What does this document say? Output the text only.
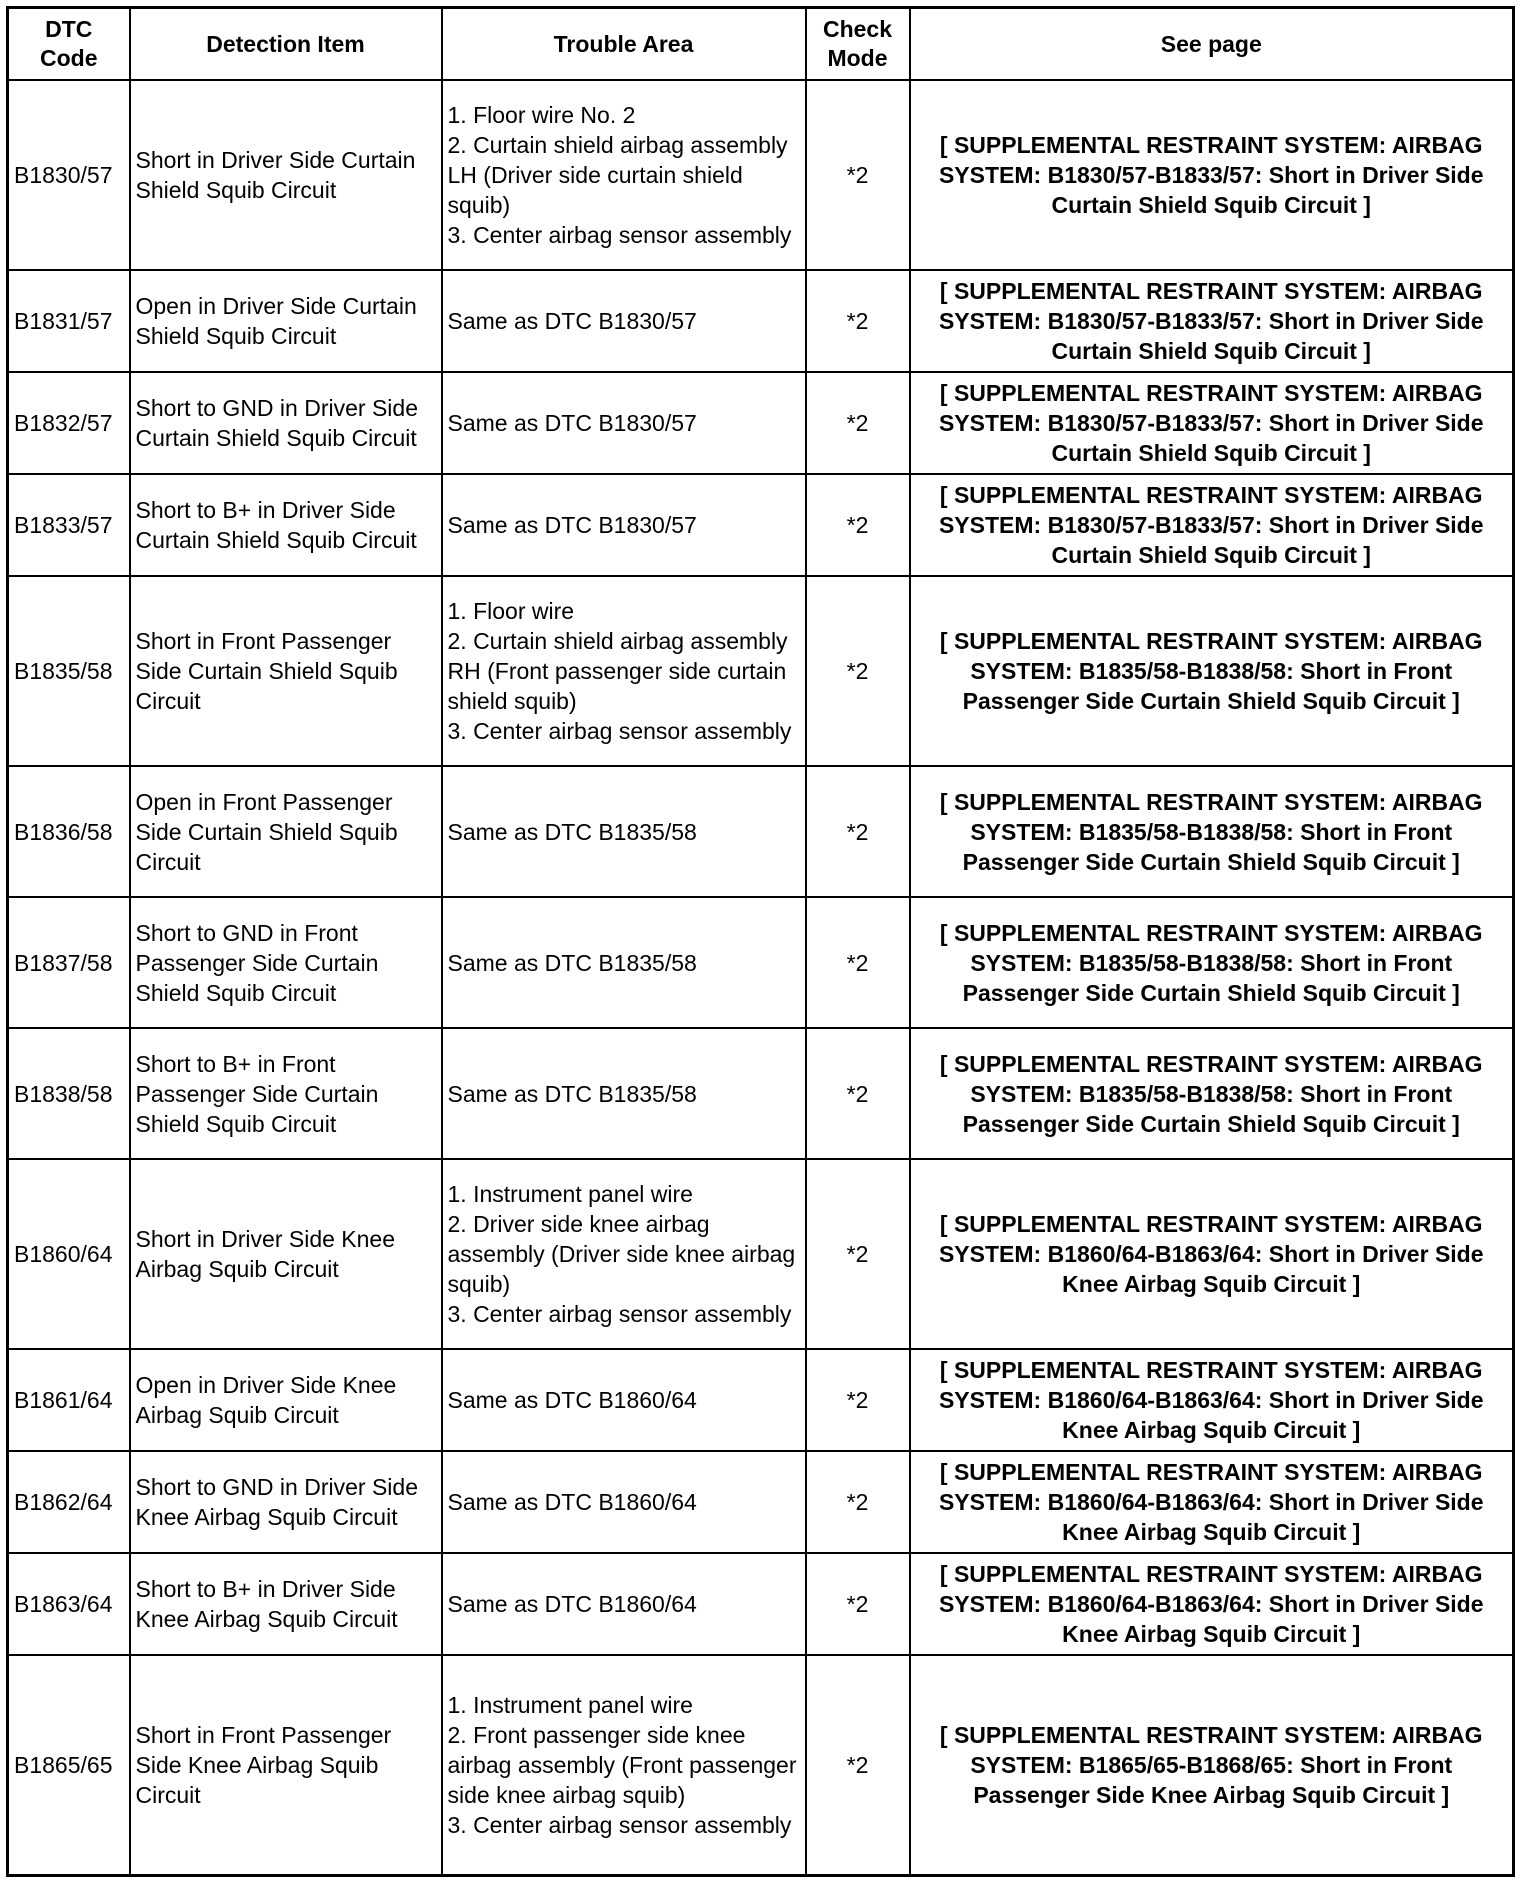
DTC Code	Detection Item	Trouble Area	Check Mode	See page
B1830/57	Short in Driver Side Curtain Shield Squib Circuit	1. Floor wire No. 2
2. Curtain shield airbag assembly LH (Driver side curtain shield squib)
3. Center airbag sensor assembly	*2	[ SUPPLEMENTAL RESTRAINT SYSTEM: AIRBAG SYSTEM: B1830/57-B1833/57: Short in Driver Side Curtain Shield Squib Circuit ]
B1831/57	Open in Driver Side Curtain Shield Squib Circuit	Same as DTC B1830/57	*2	[ SUPPLEMENTAL RESTRAINT SYSTEM: AIRBAG SYSTEM: B1830/57-B1833/57: Short in Driver Side Curtain Shield Squib Circuit ]
B1832/57	Short to GND in Driver Side Curtain Shield Squib Circuit	Same as DTC B1830/57	*2	[ SUPPLEMENTAL RESTRAINT SYSTEM: AIRBAG SYSTEM: B1830/57-B1833/57: Short in Driver Side Curtain Shield Squib Circuit ]
B1833/57	Short to B+ in Driver Side Curtain Shield Squib Circuit	Same as DTC B1830/57	*2	[ SUPPLEMENTAL RESTRAINT SYSTEM: AIRBAG SYSTEM: B1830/57-B1833/57: Short in Driver Side Curtain Shield Squib Circuit ]
B1835/58	Short in Front Passenger Side Curtain Shield Squib Circuit	1. Floor wire
2. Curtain shield airbag assembly RH (Front passenger side curtain shield squib)
3. Center airbag sensor assembly	*2	[ SUPPLEMENTAL RESTRAINT SYSTEM: AIRBAG SYSTEM: B1835/58-B1838/58: Short in Front Passenger Side Curtain Shield Squib Circuit ]
B1836/58	Open in Front Passenger Side Curtain Shield Squib Circuit	Same as DTC B1835/58	*2	[ SUPPLEMENTAL RESTRAINT SYSTEM: AIRBAG SYSTEM: B1835/58-B1838/58: Short in Front Passenger Side Curtain Shield Squib Circuit ]
B1837/58	Short to GND in Front Passenger Side Curtain Shield Squib Circuit	Same as DTC B1835/58	*2	[ SUPPLEMENTAL RESTRAINT SYSTEM: AIRBAG SYSTEM: B1835/58-B1838/58: Short in Front Passenger Side Curtain Shield Squib Circuit ]
B1838/58	Short to B+ in Front Passenger Side Curtain Shield Squib Circuit	Same as DTC B1835/58	*2	[ SUPPLEMENTAL RESTRAINT SYSTEM: AIRBAG SYSTEM: B1835/58-B1838/58: Short in Front Passenger Side Curtain Shield Squib Circuit ]
B1860/64	Short in Driver Side Knee Airbag Squib Circuit	1. Instrument panel wire
2. Driver side knee airbag assembly (Driver side knee airbag squib)
3. Center airbag sensor assembly	*2	[ SUPPLEMENTAL RESTRAINT SYSTEM: AIRBAG SYSTEM: B1860/64-B1863/64: Short in Driver Side Knee Airbag Squib Circuit ]
B1861/64	Open in Driver Side Knee Airbag Squib Circuit	Same as DTC B1860/64	*2	[ SUPPLEMENTAL RESTRAINT SYSTEM: AIRBAG SYSTEM: B1860/64-B1863/64: Short in Driver Side Knee Airbag Squib Circuit ]
B1862/64	Short to GND in Driver Side Knee Airbag Squib Circuit	Same as DTC B1860/64	*2	[ SUPPLEMENTAL RESTRAINT SYSTEM: AIRBAG SYSTEM: B1860/64-B1863/64: Short in Driver Side Knee Airbag Squib Circuit ]
B1863/64	Short to B+ in Driver Side Knee Airbag Squib Circuit	Same as DTC B1860/64	*2	[ SUPPLEMENTAL RESTRAINT SYSTEM: AIRBAG SYSTEM: B1860/64-B1863/64: Short in Driver Side Knee Airbag Squib Circuit ]
B1865/65	Short in Front Passenger Side Knee Airbag Squib Circuit	1. Instrument panel wire
2. Front passenger side knee airbag assembly (Front passenger side knee airbag squib)
3. Center airbag sensor assembly	*2	[ SUPPLEMENTAL RESTRAINT SYSTEM: AIRBAG SYSTEM: B1865/65-B1868/65: Short in Front Passenger Side Knee Airbag Squib Circuit ]
